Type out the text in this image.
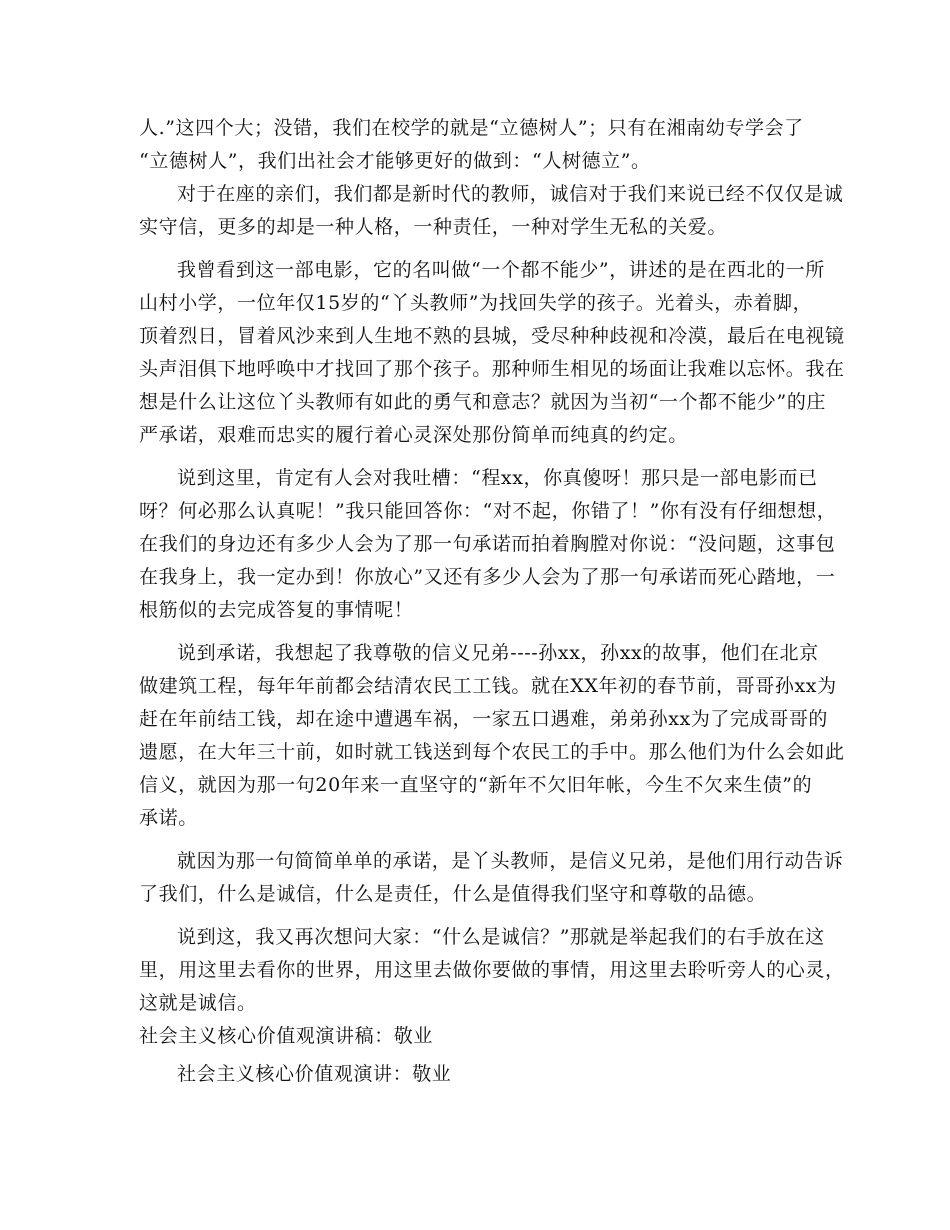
人.”这四个大；没错，我们在校学的就是“立德树人”；只有在湘南幼专学会了
“立德树人”，我们出社会才能够更好的做到：“人树德立”。
对于在座的亲们，我们都是新时代的教师，诚信对于我们来说已经不仅仅是诚
实守信，更多的却是一种人格，一种责任，一种对学生无私的关爱。
我曾看到这一部电影，它的名叫做“一个都不能少”，讲述的是在西北的一所
山村小学，一位年仅15岁的“丫头教师”为找回失学的孩子。光着头，赤着脚，
顶着烈日，冒着风沙来到人生地不熟的县城，受尽种种歧视和冷漠，最后在电视镜
头声泪俱下地呼唤中才找回了那个孩子。那种师生相见的场面让我难以忘怀。我在
想是什么让这位丫头教师有如此的勇气和意志？就因为当初“一个都不能少”的庄
严承诺，艰难而忠实的履行着心灵深处那份简单而纯真的约定。
说到这里，肯定有人会对我吐槽：“程xx，你真傻呀！那只是一部电影而已
呀？何必那么认真呢！”我只能回答你：“对不起，你错了！”你有没有仔细想想，
在我们的身边还有多少人会为了那一句承诺而拍着胸膛对你说：“没问题，这事包
在我身上，我一定办到！你放心”又还有多少人会为了那一句承诺而死心踏地，一
根筋似的去完成答复的事情呢！
说到承诺，我想起了我尊敬的信义兄弟----孙xx，孙xx的故事，他们在北京
做建筑工程，每年年前都会结清农民工工钱。就在XX年初的春节前，哥哥孙xx为
赶在年前结工钱，却在途中遭遇车祸，一家五口遇难，弟弟孙xx为了完成哥哥的
遗愿，在大年三十前，如时就工钱送到每个农民工的手中。那么他们为什么会如此
信义，就因为那一句20年来一直坚守的“新年不欠旧年帐，今生不欠来生债”的
承诺。
就因为那一句简简单单的承诺，是丫头教师，是信义兄弟，是他们用行动告诉
了我们，什么是诚信，什么是责任，什么是值得我们坚守和尊敬的品德。
说到这，我又再次想问大家：“什么是诚信？”那就是举起我们的右手放在这
里，用这里去看你的世界，用这里去做你要做的事情，用这里去聆听旁人的心灵，
这就是诚信。
社会主义核心价值观演讲稿：敬业
社会主义核心价值观演讲：敬业
